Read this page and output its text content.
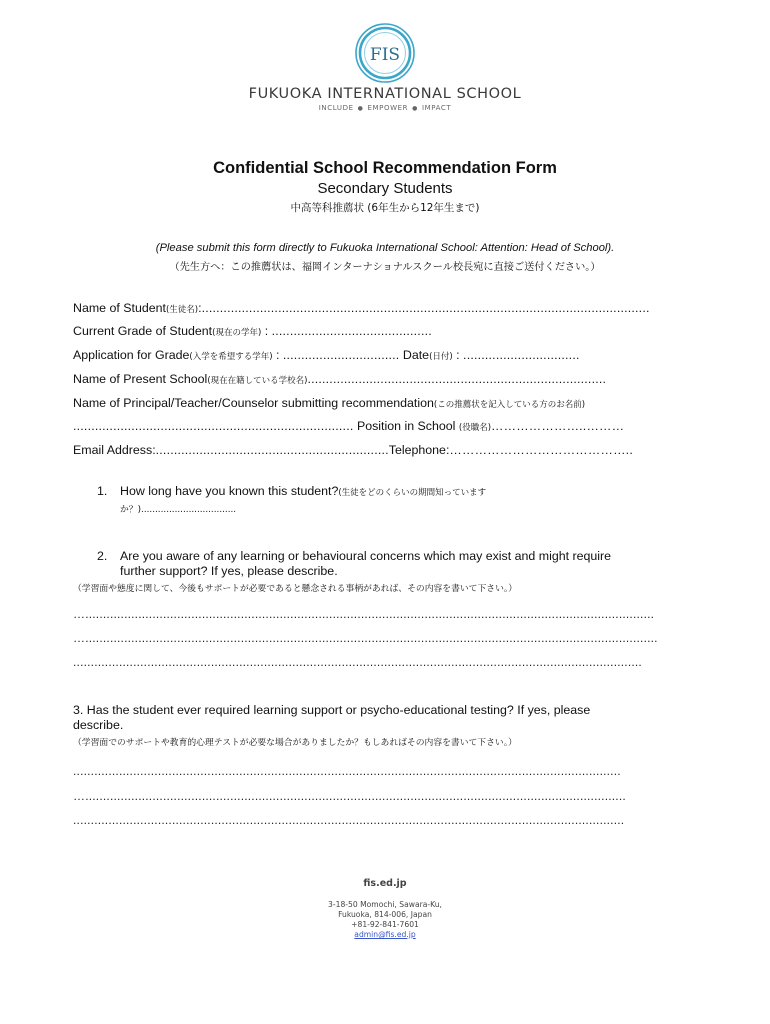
FIS
FUKUOKA INTERNATIONAL SCHOOL
INCLUDE ● EMPOWER ● IMPACT
Confidential School Recommendation Form
Secondary Students
中高等科推薦状 (6年生から12年生まで)
(Please submit this form directly to Fukuoka International School: Attention: Head of School).
（先生方へ：この推薦状は、福岡インターナショナルスクール校長宛に直接ご送付ください。）
Name of Student(生徒名):...........................................................................................................................
Current Grade of Student(現在の学年) : ............................................
Application for Grade(入学を希望する学年) : ................................ Date(日付) : ................................
Name of Present School(現在在籍している学校名)..................................................................................
Name of Principal/Teacher/Counselor submitting recommendation(この推薦状を記入している方のお名前)
............................................................................. Position in School (役職名)…………………..………
Email Address:................................................................Telephone:……………………………………..
1. How long have you known this student?(生徒をどのくらいの期間知っています
か？)..................................
2. Are you aware of any learning or behavioural concerns which may exist and might require
further support? If yes, please describe.
（学習面や態度に関して、今後もサポートが必要であると懸念される事柄があれば、その内容を書いて下さい。）
….................................................................................................................................................................
…..................................................................................................................................................................
.................................................................................................................................................................
3. Has the student ever required learning support or psycho-educational testing? If yes, please
describe.
（学習面でのサポートや教育的心理テストが必要な場合がありましたか？もしあればその内容を書いて下さい。）
...........................................................................................................................................................
….........................................................................................................................................................
............................................................................................................................................................
fis.ed.jp
3-18-50 Momochi, Sawara-Ku,
Fukuoka, 814-006, Japan
+81-92-841-7601
admin@fis.ed.jp
